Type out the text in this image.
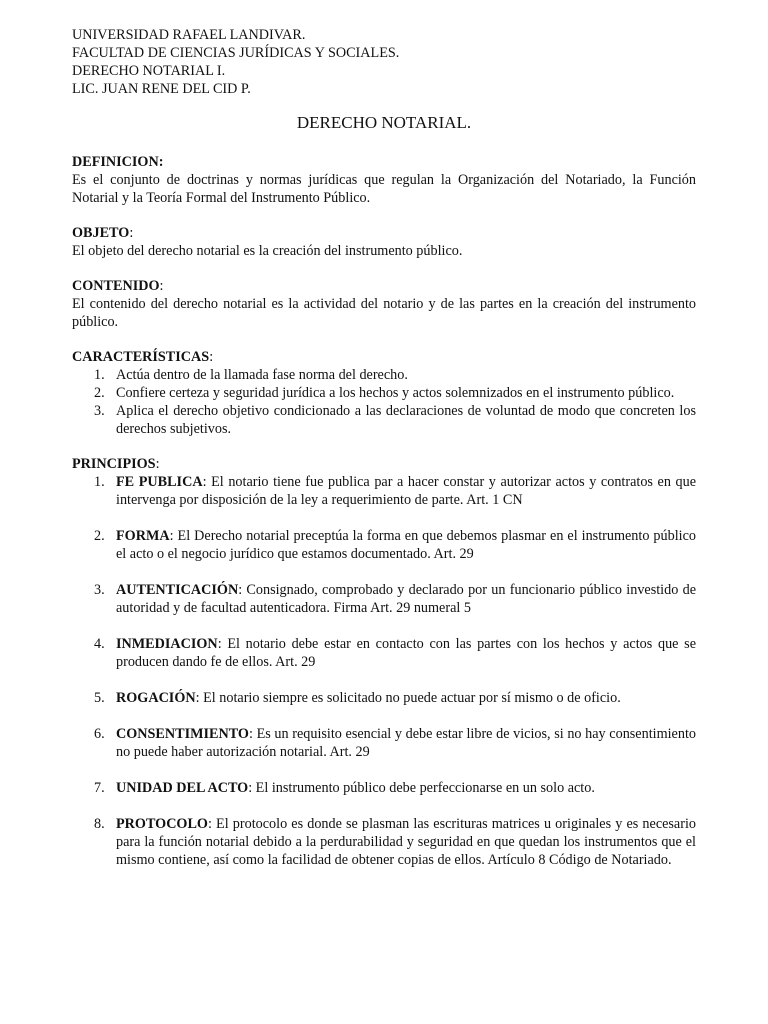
UNIVERSIDAD RAFAEL LANDIVAR.
FACULTAD DE CIENCIAS JURÍDICAS Y SOCIALES.
DERECHO NOTARIAL I.
LIC. JUAN RENE DEL CID P.
DERECHO NOTARIAL.
DEFINICION:
Es el conjunto de doctrinas y normas jurídicas que regulan la Organización del Notariado, la Función Notarial y la Teoría Formal del Instrumento Público.
OBJETO:
El objeto del derecho notarial es la creación del instrumento público.
CONTENIDO:
El contenido del derecho notarial es la actividad del notario y de las partes en la creación del instrumento público.
CARACTERÍSTICAS:
1. Actúa dentro de la llamada fase norma del derecho.
2. Confiere certeza y seguridad jurídica a los hechos y actos solemnizados en el instrumento público.
3. Aplica el derecho objetivo condicionado a las declaraciones de voluntad de modo que concreten los derechos subjetivos.
PRINCIPIOS:
1. FE PUBLICA: El notario tiene fue publica par a hacer constar y autorizar actos y contratos en que intervenga por disposición de la ley a requerimiento de parte. Art. 1 CN
2. FORMA: El Derecho notarial preceptúa la forma en que debemos plasmar en el instrumento público el acto o el negocio jurídico que estamos documentado. Art. 29
3. AUTENTICACIÓN: Consignado, comprobado y declarado por un funcionario público investido de autoridad y de facultad autenticadora. Firma Art. 29 numeral 5
4. INMEDIACION: El notario debe estar en contacto con las partes con los hechos y actos que se producen dando fe de ellos. Art. 29
5. ROGACIÓN: El notario siempre es solicitado no puede actuar por sí mismo o de oficio.
6. CONSENTIMIENTO: Es un requisito esencial y debe estar libre de vicios, si no hay consentimiento no puede haber autorización notarial. Art. 29
7. UNIDAD DEL ACTO: El instrumento público debe perfeccionarse en un solo acto.
8. PROTOCOLO: El protocolo es donde se plasman las escrituras matrices u originales y es necesario para la función notarial debido a la perdurabilidad y seguridad en que quedan los instrumentos que el mismo contiene, así como la facilidad de obtener copias de ellos. Artículo 8 Código de Notariado.
